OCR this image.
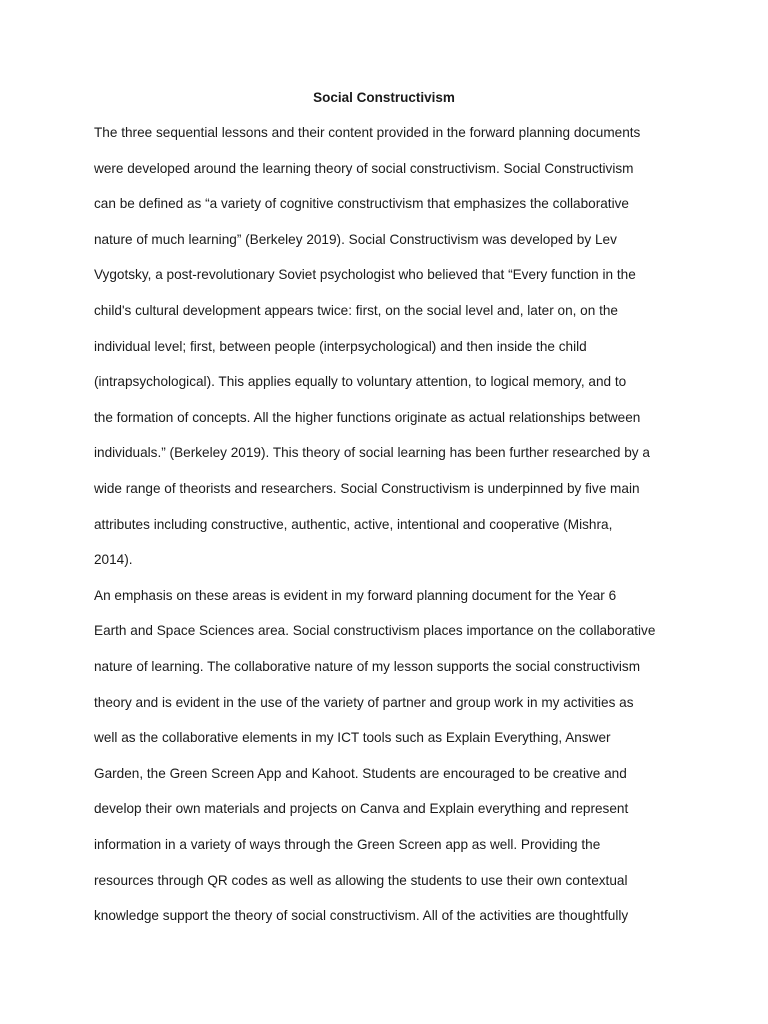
Social Constructivism
The three sequential lessons and their content provided in the forward planning documents
were developed around the learning theory of social constructivism. Social Constructivism
can be defined as “a variety of cognitive constructivism that emphasizes the collaborative
nature of much learning” (Berkeley 2019). Social Constructivism was developed by Lev
Vygotsky, a post-revolutionary Soviet psychologist who believed that “Every function in the
child's cultural development appears twice: first, on the social level and, later on, on the
individual level; first, between people (interpsychological) and then inside the child
(intrapsychological). This applies equally to voluntary attention, to logical memory, and to
the formation of concepts. All the higher functions originate as actual relationships between
individuals.” (Berkeley 2019). This theory of social learning has been further researched by a
wide range of theorists and researchers. Social Constructivism is underpinned by five main
attributes including constructive, authentic, active, intentional and cooperative (Mishra,
2014).
An emphasis on these areas is evident in my forward planning document for the Year 6
Earth and Space Sciences area. Social constructivism places importance on the collaborative
nature of learning. The collaborative nature of my lesson supports the social constructivism
theory and is evident in the use of the variety of partner and group work in my activities as
well as the collaborative elements in my ICT tools such as Explain Everything, Answer
Garden, the Green Screen App and Kahoot. Students are encouraged to be creative and
develop their own materials and projects on Canva and Explain everything and represent
information in a variety of ways through the Green Screen app as well. Providing the
resources through QR codes as well as allowing the students to use their own contextual
knowledge support the theory of social constructivism. All of the activities are thoughtfully
